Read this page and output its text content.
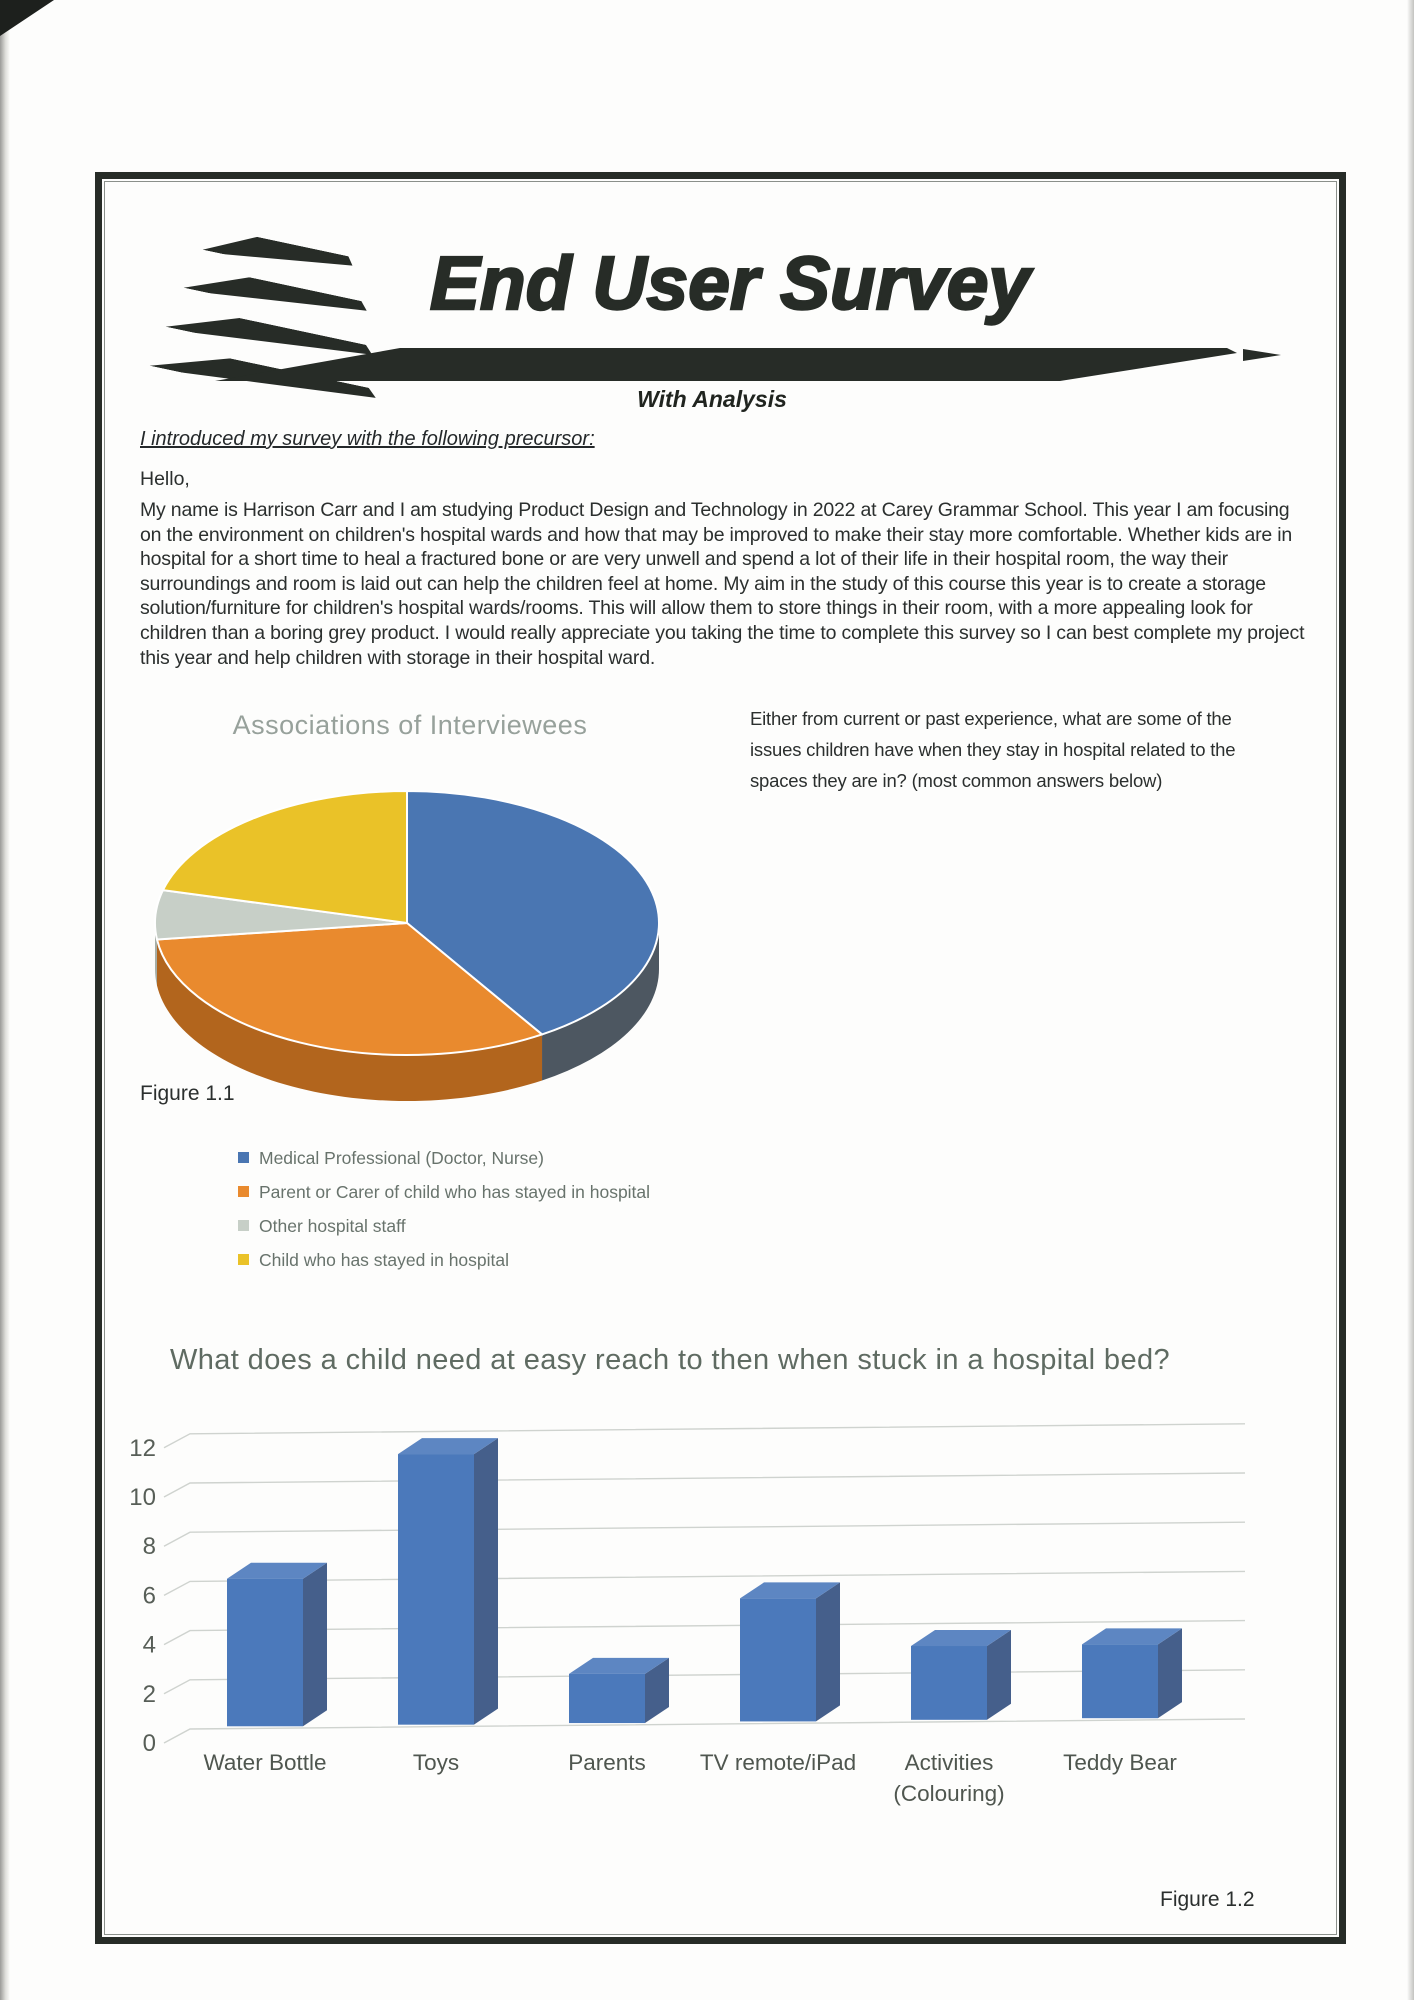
End User Survey
With Analysis
I introduced my survey with the following precursor:
Hello,
My name is Harrison Carr and I am studying Product Design and Technology in 2022 at Carey Grammar School. This year I am focusing on the environment on children's hospital wards and how that may be improved to make their stay more comfortable. Whether kids are in hospital for a short time to heal a fractured bone or are very unwell and spend a lot of their life in their hospital room, the way their surroundings and room is laid out can help the children feel at home. My aim in the study of this course this year is to create a storage solution/furniture for children's hospital wards/rooms. This will allow them to store things in their room, with a more appealing look for children than a boring grey product. I would really appreciate you taking the time to complete this survey so I can best complete my project this year and help children with storage in their hospital ward.
Associations of Interviewees
Figure 1.1
Medical Professional (Doctor, Nurse)
Parent or Carer of child who has stayed in hospital
Other hospital staff
Child who has stayed in hospital
Either from current or past experience, what are some of the issues children have when they stay in hospital related to the spaces they are in? (most common answers below)
What does a child need at easy reach to then when stuck in a hospital bed?
0
2
4
6
8
10
12
Water Bottle	Toys	Parents TV remote/iPad	Activities (Colouring)
Teddy Bear
Figure 1.2
